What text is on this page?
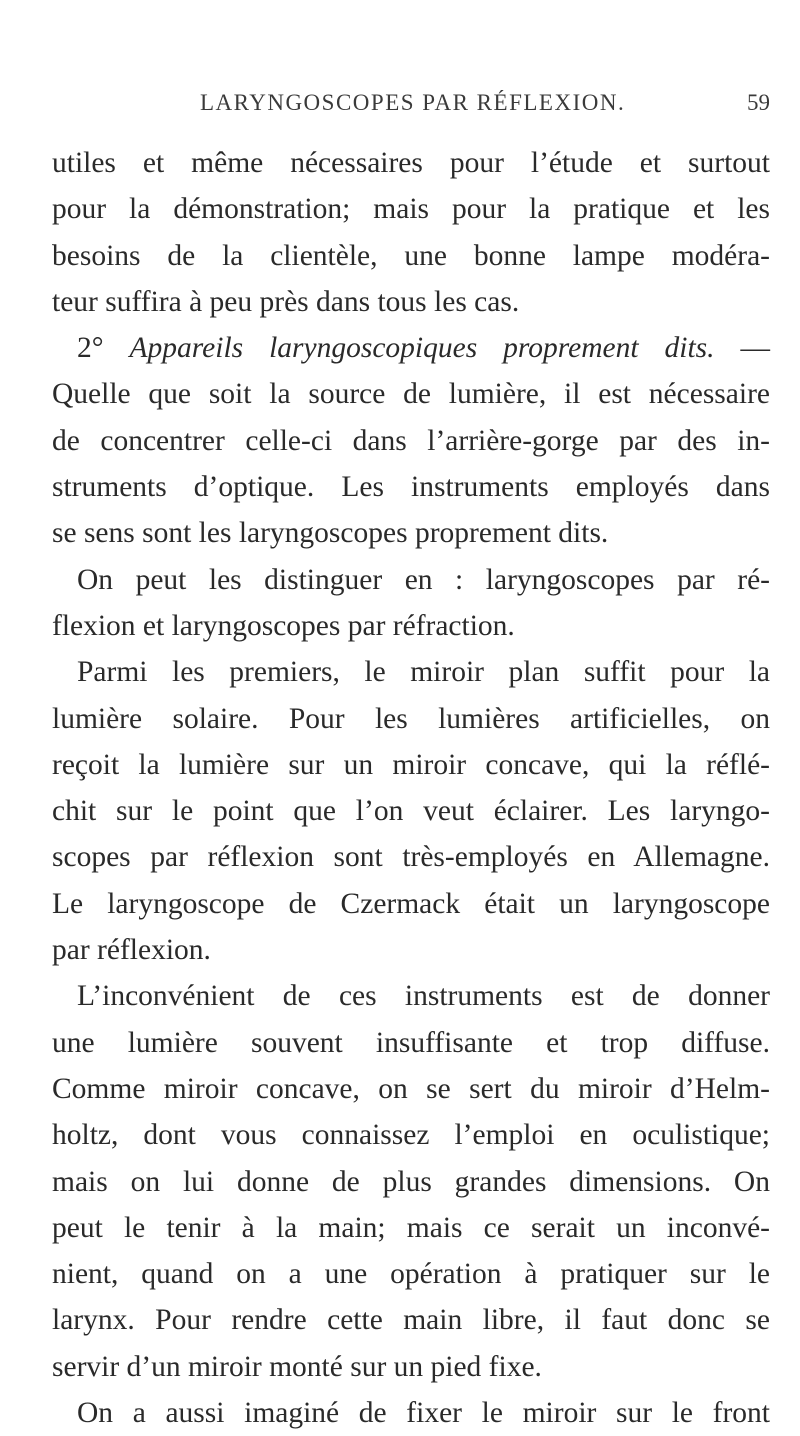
LARYNGOSCOPES PAR RÉFLEXION.	59
utiles et même nécessaires pour l’étude et surtout
pour la démonstration; mais pour la pratique et les
besoins de la clientèle, une bonne lampe modéra-
teur suffira à peu près dans tous les cas.
2° Appareils laryngoscopiques proprement dits. —
Quelle que soit la source de lumière, il est nécessaire
de concentrer celle-ci dans l’arrière-gorge par des in-
struments d’optique. Les instruments employés dans
se sens sont les laryngoscopes proprement dits.
On peut les distinguer en : laryngoscopes par ré-
flexion et laryngoscopes par réfraction.
Parmi les premiers, le miroir plan suffit pour la
lumière solaire. Pour les lumières artificielles, on
reçoit la lumière sur un miroir concave, qui la réflé-
chit sur le point que l’on veut éclairer. Les laryngo-
scopes par réflexion sont très-employés en Allemagne.
Le laryngoscope de Czermack était un laryngoscope
par réflexion.
L’inconvénient de ces instruments est de donner
une lumière souvent insuffisante et trop diffuse.
Comme miroir concave, on se sert du miroir d’Helm-
holtz, dont vous connaissez l’emploi en oculistique;
mais on lui donne de plus grandes dimensions. On
peut le tenir à la main; mais ce serait un inconvé-
nient, quand on a une opération à pratiquer sur le
larynx. Pour rendre cette main libre, il faut donc se
servir d’un miroir monté sur un pied fixe.
On a aussi imaginé de fixer le miroir sur le front
